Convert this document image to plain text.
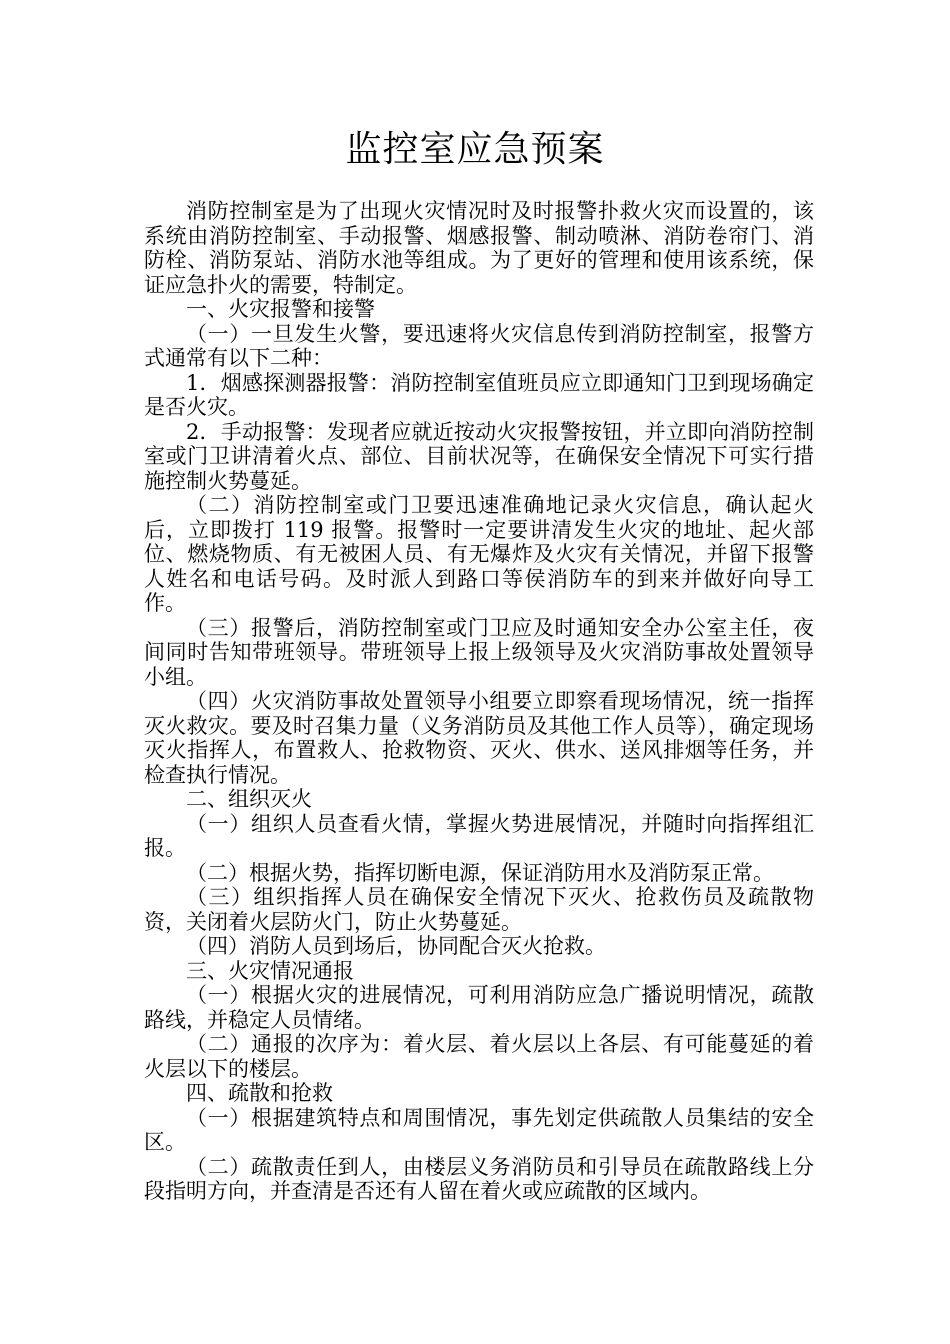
监控室应急预案

消防控制室是为了出现火灾情况时及时报警扑救火灾而设置的，该系统由消防控制室、手动报警、烟感报警、制动喷淋、消防卷帘门、消防栓、消防泵站、消防水池等组成。为了更好的管理和使用该系统，保证应急扑火的需要，特制定。

一、火灾报警和接警

（一）一旦发生火警，要迅速将火灾信息传到消防控制室，报警方式通常有以下二种：

1．烟感探测器报警：消防控制室值班员应立即通知门卫到现场确定是否火灾。

2．手动报警：发现者应就近按动火灾报警按钮，并立即向消防控制室或门卫讲清着火点、部位、目前状况等，在确保安全情况下可实行措施控制火势蔓延。

（二）消防控制室或门卫要迅速准确地记录火灾信息，确认起火后，立即拨打 119 报警。报警时一定要讲清发生火灾的地址、起火部位、燃烧物质、有无被困人员、有无爆炸及火灾有关情况，并留下报警人姓名和电话号码。及时派人到路口等侯消防车的到来并做好向导工作。

（三）报警后，消防控制室或门卫应及时通知安全办公室主任，夜间同时告知带班领导。带班领导上报上级领导及火灾消防事故处置领导小组。

（四）火灾消防事故处置领导小组要立即察看现场情况，统一指挥灭火救灾。要及时召集力量（义务消防员及其他工作人员等），确定现场灭火指挥人，布置救人、抢救物资、灭火、供水、送风排烟等任务，并检查执行情况。

二、组织灭火

（一）组织人员查看火情，掌握火势进展情况，并随时向指挥组汇报。

（二）根据火势，指挥切断电源，保证消防用水及消防泵正常。

（三）组织指挥人员在确保安全情况下灭火、抢救伤员及疏散物资，关闭着火层防火门，防止火势蔓延。

（四）消防人员到场后，协同配合灭火抢救。

三、火灾情况通报

（一）根据火灾的进展情况，可利用消防应急广播说明情况，疏散路线，并稳定人员情绪。

（二）通报的次序为：着火层、着火层以上各层、有可能蔓延的着火层以下的楼层。

四、疏散和抢救

（一）根据建筑特点和周围情况，事先划定供疏散人员集结的安全区。

（二）疏散责任到人，由楼层义务消防员和引导员在疏散路线上分段指明方向，并查清是否还有人留在着火或应疏散的区域内。
